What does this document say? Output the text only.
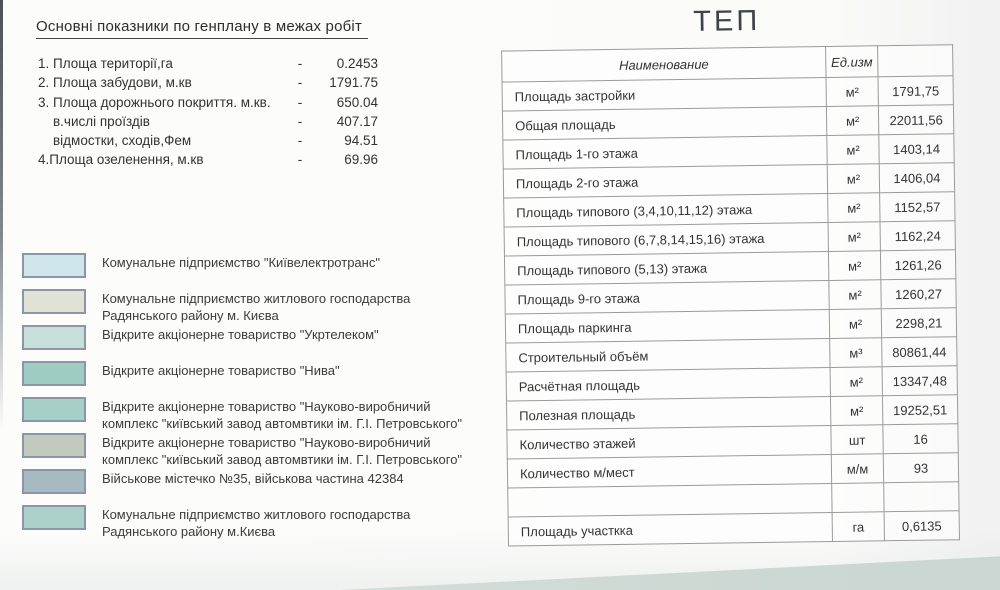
Основні показники по генплану в межах робіт
1. Площа території,га	-	0.2453
2. Площа забудови, м.кв	-	1791.75
3. Площа дорожнього покриття. м.кв.	-	650.04
в.числі проїздів	-	407.17
відмостки, сходів,Фем	-	94.51
4.Площа озеленення, м.кв	-	69.96
Комунальне підприємство "Київелектротранс"
Комунальне підприємство житлового господарства
Радянського району м. Києва
Відкрите акціонерне товариство "Укртелеком"
Відкрите акціонерне товариство "Нива"
Відкрите акціонерне товариство "Науково-виробничий
комплекс "київський завод автомвтики ім. Г.І. Петровського"
Відкрите акціонерне товариство "Науково-виробничий
комплекс "київський завод автомвтики ім. Г.І. Петровського"
Військове містечко №35, військова частина 42384
Комунальне підприємство житлового господарства
Радянського району м.Києва
ТЕП
Наименование	Ед.изм	
Площадь застройки	м²	1791,75
Общая площадь	м²	22011,56
Площадь 1-го этажа	м²	1403,14
Площадь 2-го этажа	м²	1406,04
Площадь типового (3,4,10,11,12) этажа	м²	1152,57
Площадь типового (6,7,8,14,15,16) этажа	м²	1162,24
Площадь типового (5,13) этажа	м²	1261,26
Площадь 9-го этажа	м²	1260,27
Площадь паркинга	м²	2298,21
Строительный объём	м³	80861,44
Расчётная площадь	м²	13347,48
Полезная площадь	м²	19252,51
Количество этажей	шт	16
Количество м/мест	м/м	93

Площадь участкка	га	0,6135
